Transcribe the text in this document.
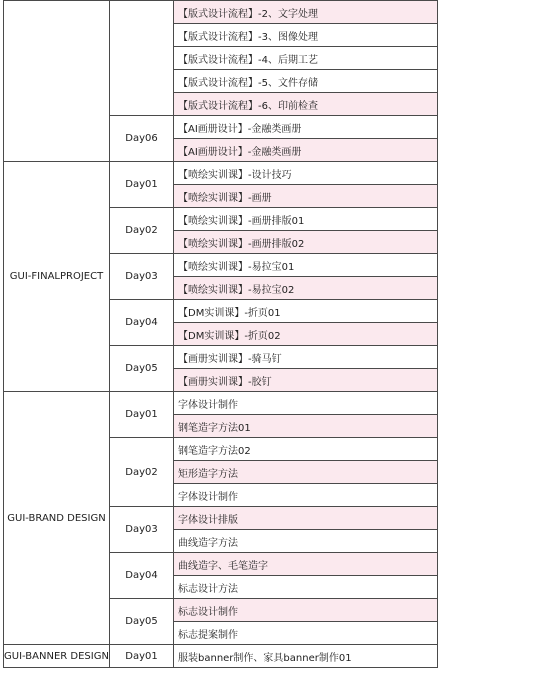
		【版式设计流程】-2、文字处理
		【版式设计流程】-3、图像处理
		【版式设计流程】-4、后期工艺
		【版式设计流程】-5、文件存储
		【版式设计流程】-6、印前检查
	Day06	【AI画册设计】-金融类画册
		【AI画册设计】-金融类画册
GUI-FINALPROJECT	Day01	【喷绘实训课】-设计技巧
		【喷绘实训课】-画册
	Day02	【喷绘实训课】-画册排版01
		【喷绘实训课】-画册排版02
	Day03	【喷绘实训课】-易拉宝01
		【喷绘实训课】-易拉宝02
	Day04	【DM实训课】-折页01
		【DM实训课】-折页02
	Day05	【画册实训课】-骑马钉
		【画册实训课】-胶钉
GUI-BRAND DESIGN	Day01	字体设计制作
		钢笔造字方法01
	Day02	钢笔造字方法02
		矩形造字方法
		字体设计制作
	Day03	字体设计排版
		曲线造字方法
	Day04	曲线造字、毛笔造字
		标志设计方法
	Day05	标志设计制作
		标志提案制作
GUI-BANNER DESIGN	Day01	服装banner制作、家具banner制作01
